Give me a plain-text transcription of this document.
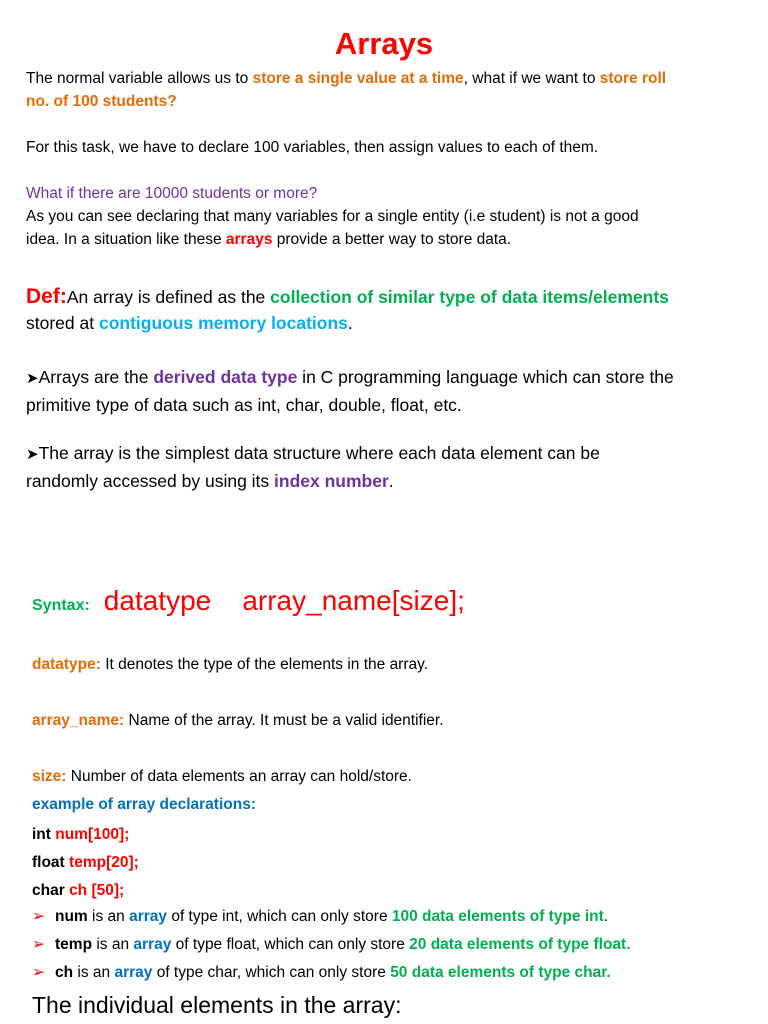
Arrays
The normal variable allows us to store a single value at a time, what if we want to store roll
no. of 100 students?
For this task, we have to declare 100 variables, then assign values to each of them.
What if there are 10000 students or more?
As you can see declaring that many variables for a single entity (i.e student) is not a good
idea. In a situation like these arrays provide a better way to store data.
Def:An array is defined as the collection of similar type of data items/elements
stored at contiguous memory locations.
➤Arrays are the derived data type in C programming language which can store the
primitive type of data such as int, char, double, float, etc.
➤The array is the simplest data structure where each data element can be
randomly accessed by using its index number.
Syntax: datatype    array_name[size];
datatype: It denotes the type of the elements in the array.
array_name: Name of the array. It must be a valid identifier.
size: Number of data elements an array can hold/store.
example of array declarations:
int num[100];
float temp[20];
char ch [50];
➢ num is an array of type int, which can only store 100 data elements of type int.
➢ temp is an array of type float, which can only store 20 data elements of type float.
➢ ch is an array of type char, which can only store 50 data elements of type char.
The individual elements in the array:
